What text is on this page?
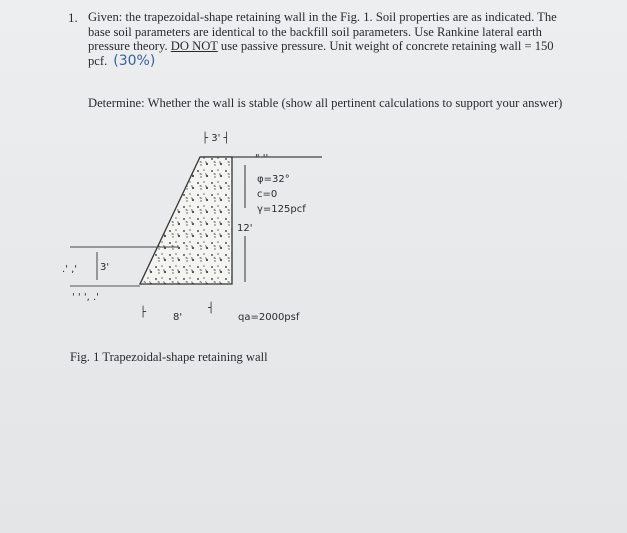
1. Given: the trapezoidal-shape retaining wall in the Fig. 1. Soil properties are as indicated. The base soil parameters are identical to the backfill soil parameters. Use Rankine lateral earth pressure theory. DO NOT use passive pressure. Unit weight of concrete retaining wall = 150 pcf. (30%)

Determine: Whether the wall is stable (show all pertinent calculations to support your answer)

" ''
.' ,'
' ' ', .'
├ 3' ┤
12'
φ=32°
c=0
γ=125pcf
3'
├	8'
┤
qa=2000psf
Fig. 1 Trapezoidal-shape retaining wall
